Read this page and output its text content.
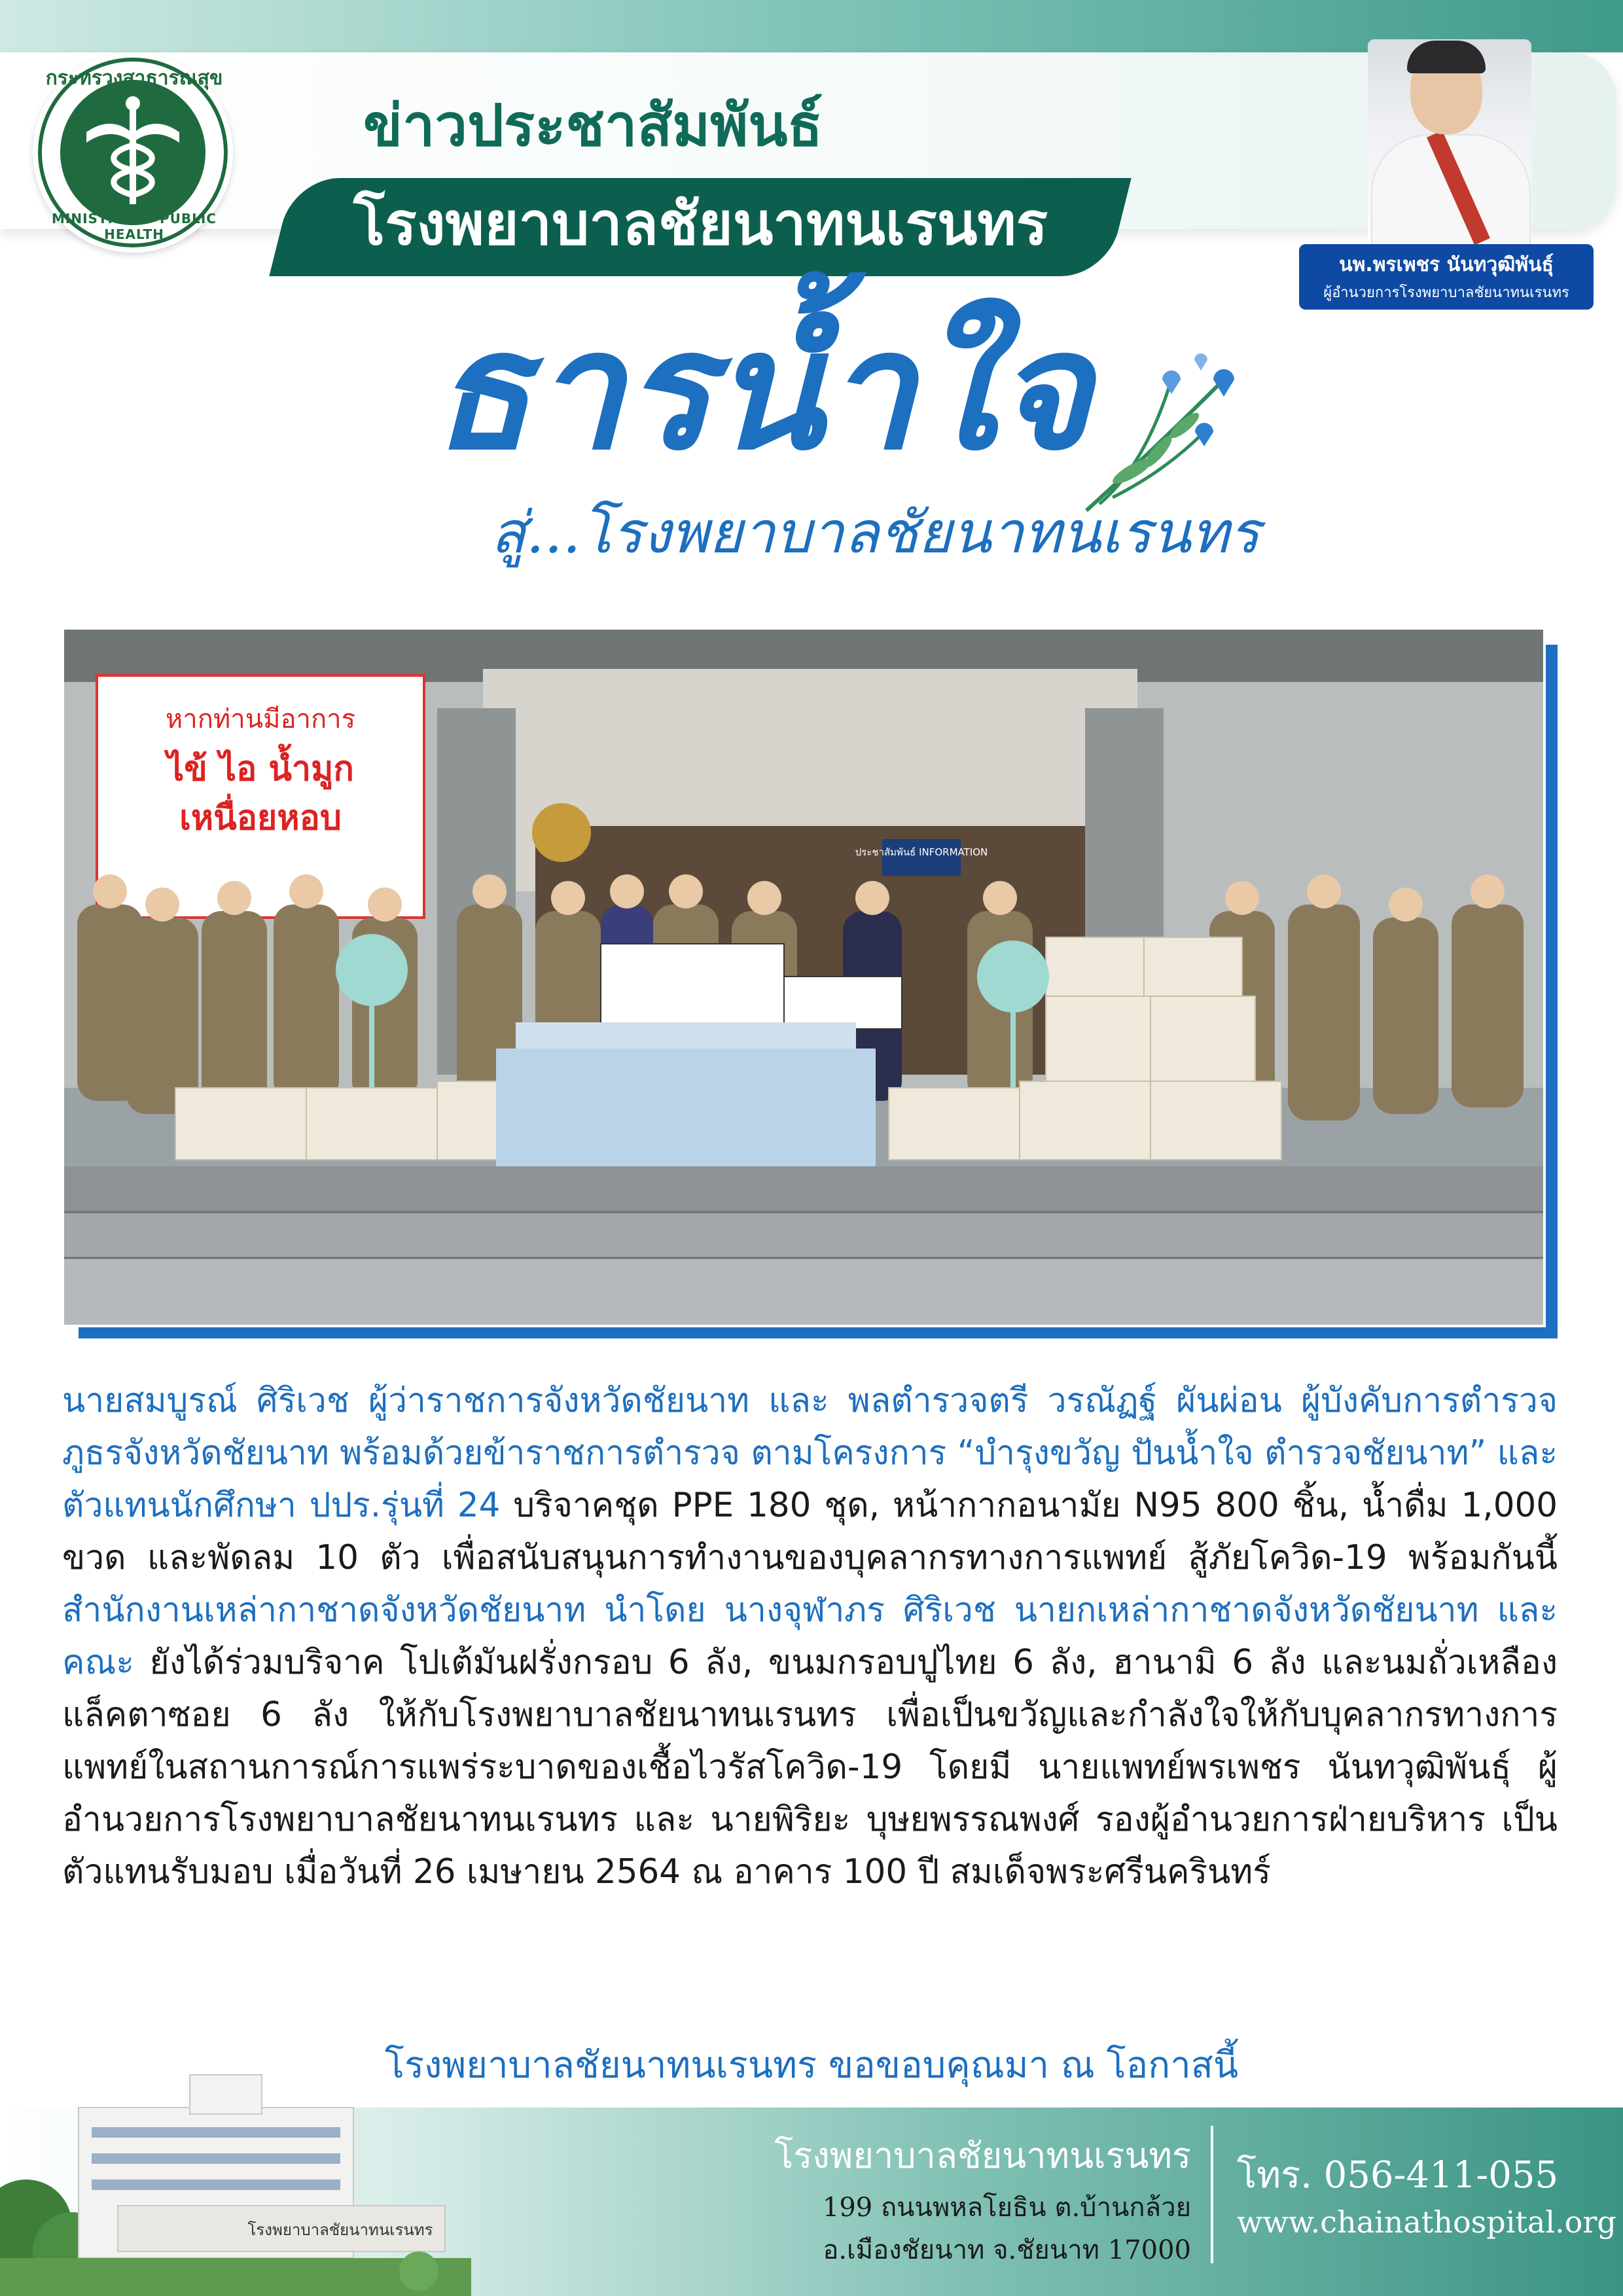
กระทรวงสาธารณสุข
MINISTRY OF PUBLIC HEALTH
ข่าวประชาสัมพันธ์
โรงพยาบาลชัยนาทนเรนทร
นพ.พรเพชร นันทวุฒิพันธุ์
ผู้อำนวยการโรงพยาบาลชัยนาทนเรนทร
ธารน้ำใจ
สู่...โรงพยาบาลชัยนาทนเรนทร
ประชาสัมพันธ์ INFORMATION
หากท่านมีอาการ
ไข้ ไอ น้ำมูก
เหนื่อยหอบ
นายสมบูรณ์ ศิริเวช ผู้ว่าราชการจังหวัดชัยนาท และ พลตำรวจตรี วรณัฏฐ์ ผันผ่อน ผู้บังคับการตำรวจภูธรจังหวัดชัยนาท พร้อมด้วยข้าราชการตำรวจ ตามโครงการ “บำรุงขวัญ ปันน้ำใจ ตำรวจชัยนาท” และตัวแทนนักศึกษา ปปร.รุ่นที่ 24 บริจาคชุด PPE 180 ชุด, หน้ากากอนามัย N95 800 ชิ้น, น้ำดื่ม 1,000 ขวด และพัดลม 10 ตัว เพื่อสนับสนุนการทำงานของบุคลากรทางการแพทย์ สู้ภัยโควิด-19 พร้อมกันนี้ สำนักงานเหล่ากาชาดจังหวัดชัยนาท นำโดย นางจุฬาภร ศิริเวช นายกเหล่ากาชาดจังหวัดชัยนาท และคณะ ยังได้ร่วมบริจาค โปเต้มันฝรั่งกรอบ 6 ลัง, ขนมกรอบปูไทย 6 ลัง, ฮานามิ 6 ลัง และนมถั่วเหลืองแล็คตาซอย 6 ลัง ให้กับโรงพยาบาลชัยนาทนเรนทร เพื่อเป็นขวัญและกำลังใจให้กับบุคลากรทางการแพทย์ในสถานการณ์การแพร่ระบาดของเชื้อไวรัสโควิด-19 โดยมี นายแพทย์พรเพชร นันทวุฒิพันธุ์ ผู้อำนวยการโรงพยาบาลชัยนาทนเรนทร และ นายพิริยะ บุษยพรรณพงศ์ รองผู้อำนวยการฝ่ายบริหาร เป็นตัวแทนรับมอบ เมื่อวันที่ 26 เมษายน 2564 ณ อาคาร 100 ปี สมเด็จพระศรีนครินทร์
โรงพยาบาลชัยนาทนเรนทร ขอขอบคุณมา ณ โอกาสนี้
โรงพยาบาลชัยนาทนเรนทร
โรงพยาบาลชัยนาทนเรนทร
199 ถนนพหลโยธิน ต.บ้านกล้วย
อ.เมืองชัยนาท จ.ชัยนาท 17000
โทร. 056-411-055
www.chainathospital.org
